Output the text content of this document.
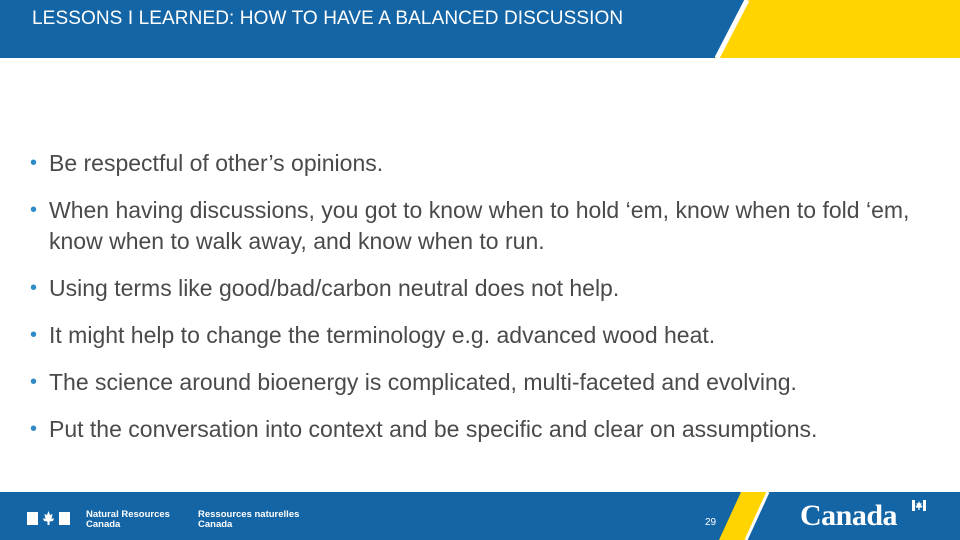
LESSONS I LEARNED: HOW TO HAVE A BALANCED DISCUSSION
• Be respectful of other’s opinions.
• When having discussions, you got to know when to hold ‘em, know when to fold ‘em, know when to walk away, and know when to run.
• Using terms like good/bad/carbon neutral does not help.
• It might help to change the terminology e.g. advanced wood heat.
• The science around bioenergy is complicated, multi-faceted and evolving.
• Put the conversation into context and be specific and clear on assumptions.
Natural Resources
Canada
Ressources naturelles
Canada	29	Canada
